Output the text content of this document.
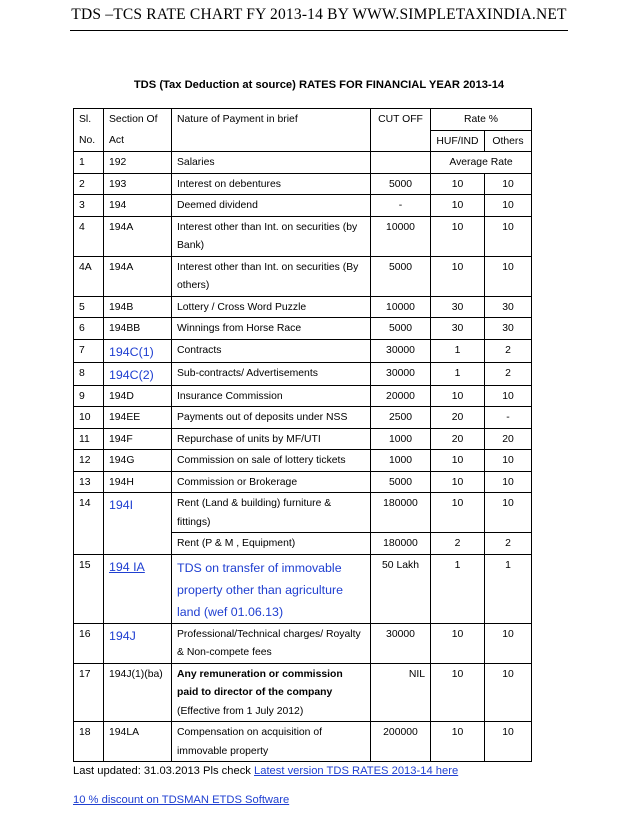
TDS –TCS RATE CHART FY 2013-14 BY WWW.SIMPLETAXINDIA.NET
TDS (Tax Deduction at source) RATES FOR FINANCIAL YEAR 2013-14
Sl.	Section Of	Nature of Payment in brief	CUT OFF	Rate %	
No.	Act			HUF/IND	Others
1	192	Salaries		Average Rate	
2	193	Interest on debentures	5000	10	10
3	194	Deemed dividend	-	10	10
4	194A	Interest other than Int. on securities (by Bank)	10000	10	10
4A	194A	Interest other than Int. on securities (By others)	5000	10	10
5	194B	Lottery / Cross Word Puzzle	10000	30	30
6	194BB	Winnings from Horse Race	5000	30	30
7	194C(1)	Contracts	30000	1	2
8	194C(2)	Sub-contracts/ Advertisements	30000	1	2
9	194D	Insurance Commission	20000	10	10
10	194EE	Payments out of deposits under NSS	2500	20	-
11	194F	Repurchase of units by MF/UTI	1000	20	20
12	194G	Commission on sale of lottery tickets	1000	10	10
13	194H	Commission or Brokerage	5000	10	10
14	194I	Rent (Land & building) furniture & fittings)	180000	10	10
		Rent (P & M , Equipment)	180000	2	2
15	194 IA	TDS on transfer of immovable property other than agriculture land (wef 01.06.13)	50 Lakh	1	1
16	194J	Professional/Technical charges/ Royalty & Non-compete fees	30000	10	10
17	194J(1)(ba)	Any remuneration or commission paid to director of the company (Effective from 1 July 2012)	NIL	10	10
18	194LA	Compensation on acquisition of immovable property	200000	10	10
Last updated: 31.03.2013 Pls check Latest version TDS RATES 2013-14 here
10 % discount on TDSMAN ETDS Software
